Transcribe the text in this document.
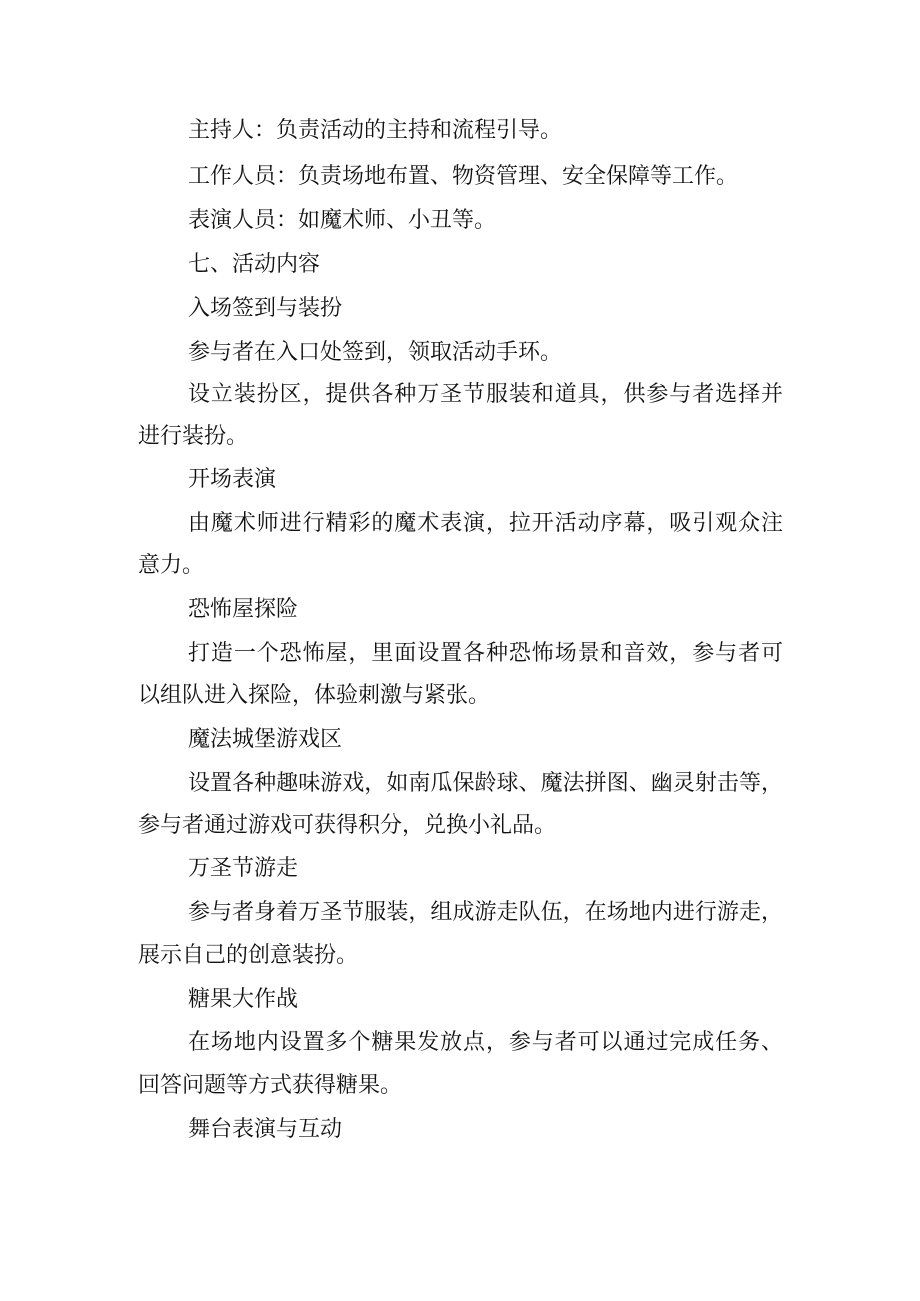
主持人：负责活动的主持和流程引导。

工作人员：负责场地布置、物资管理、安全保障等工作。

表演人员：如魔术师、小丑等。

七、活动内容

入场签到与装扮

参与者在入口处签到，领取活动手环。

设立装扮区，提供各种万圣节服装和道具，供参与者选择并

进行装扮。

开场表演

由魔术师进行精彩的魔术表演，拉开活动序幕，吸引观众注

意力。

恐怖屋探险

打造一个恐怖屋，里面设置各种恐怖场景和音效，参与者可

以组队进入探险，体验刺激与紧张。

魔法城堡游戏区

设置各种趣味游戏，如南瓜保龄球、魔法拼图、幽灵射击等，

参与者通过游戏可获得积分，兑换小礼品。

万圣节游走

参与者身着万圣节服装，组成游走队伍，在场地内进行游走，

展示自己的创意装扮。

糖果大作战

在场地内设置多个糖果发放点，参与者可以通过完成任务、

回答问题等方式获得糖果。

舞台表演与互动
